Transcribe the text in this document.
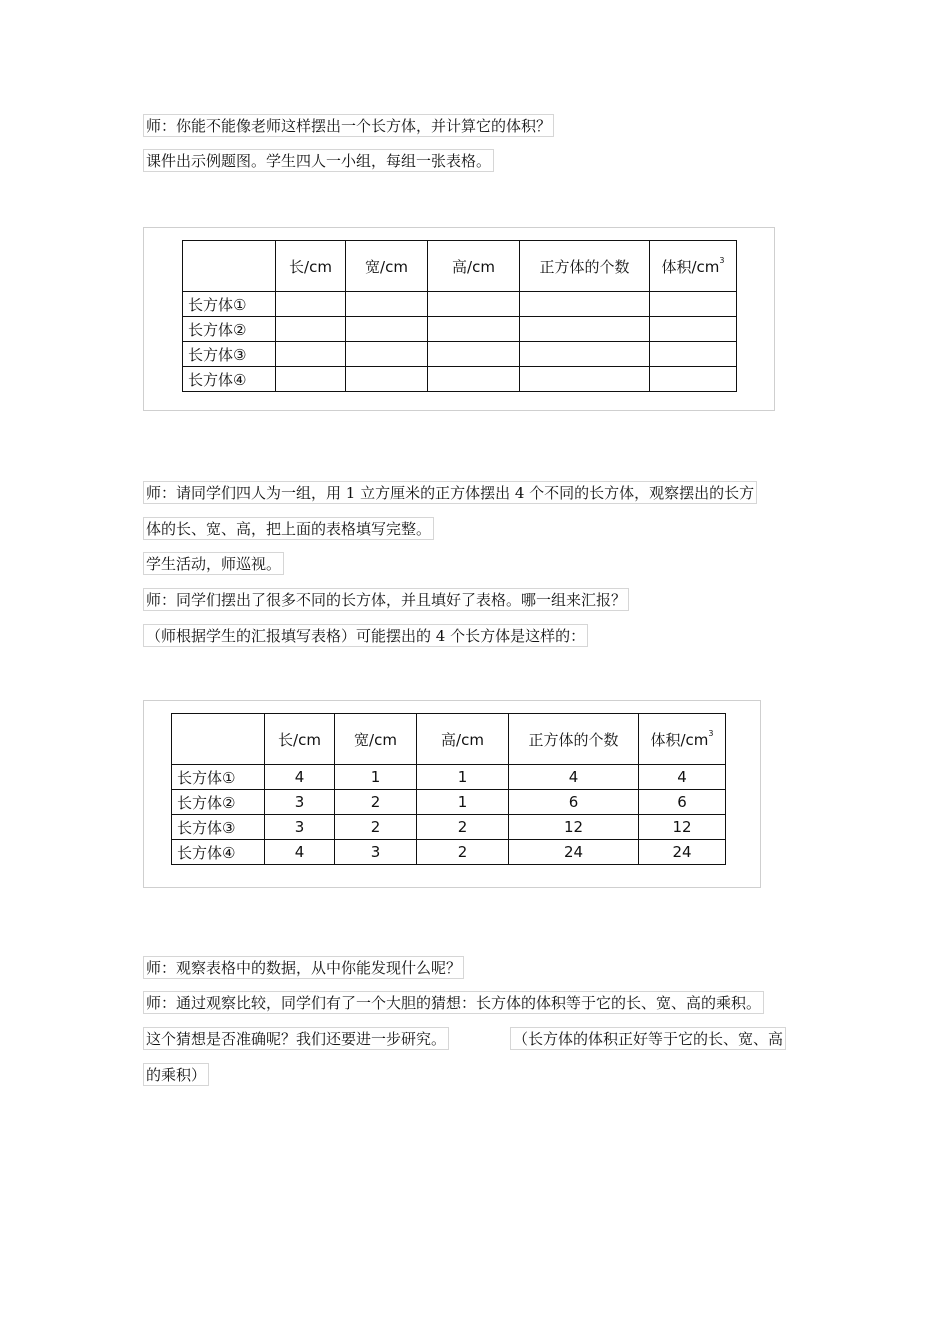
师：你能不能像老师这样摆出一个长方体，并计算它的体积？
课件出示例题图。学生四人一小组，每组一张表格。
	长/cm	宽/cm	高/cm	正方体的个数	体积$/cm^3$
长方体①					
长方体②					
长方体③					
长方体④					
师：请同学们四人为一组，用 1 立方厘米的正方体摆出 4 个不同的长方体，观察摆出的长方
体的长、宽、高，把上面的表格填写完整。
学生活动，师巡视。
师：同学们摆出了很多不同的长方体，并且填好了表格。哪一组来汇报？
（师根据学生的汇报填写表格）可能摆出的 4 个长方体是这样的：
	长/cm	宽/cm	高/cm	正方体的个数	体积$/cm^3$
长方体①	4	1	1	4	4
长方体②	3	2	1	6	6
长方体③	3	2	2	12	12
长方体④	4	3	2	24	24
师：观察表格中的数据，从中你能发现什么呢？
师：通过观察比较，同学们有了一个大胆的猜想：长方体的体积等于它的长、宽、高的乘积。
这个猜想是否准确呢？我们还要进一步研究。	（长方体的体积正好等于它的长、宽、高
的乘积）
